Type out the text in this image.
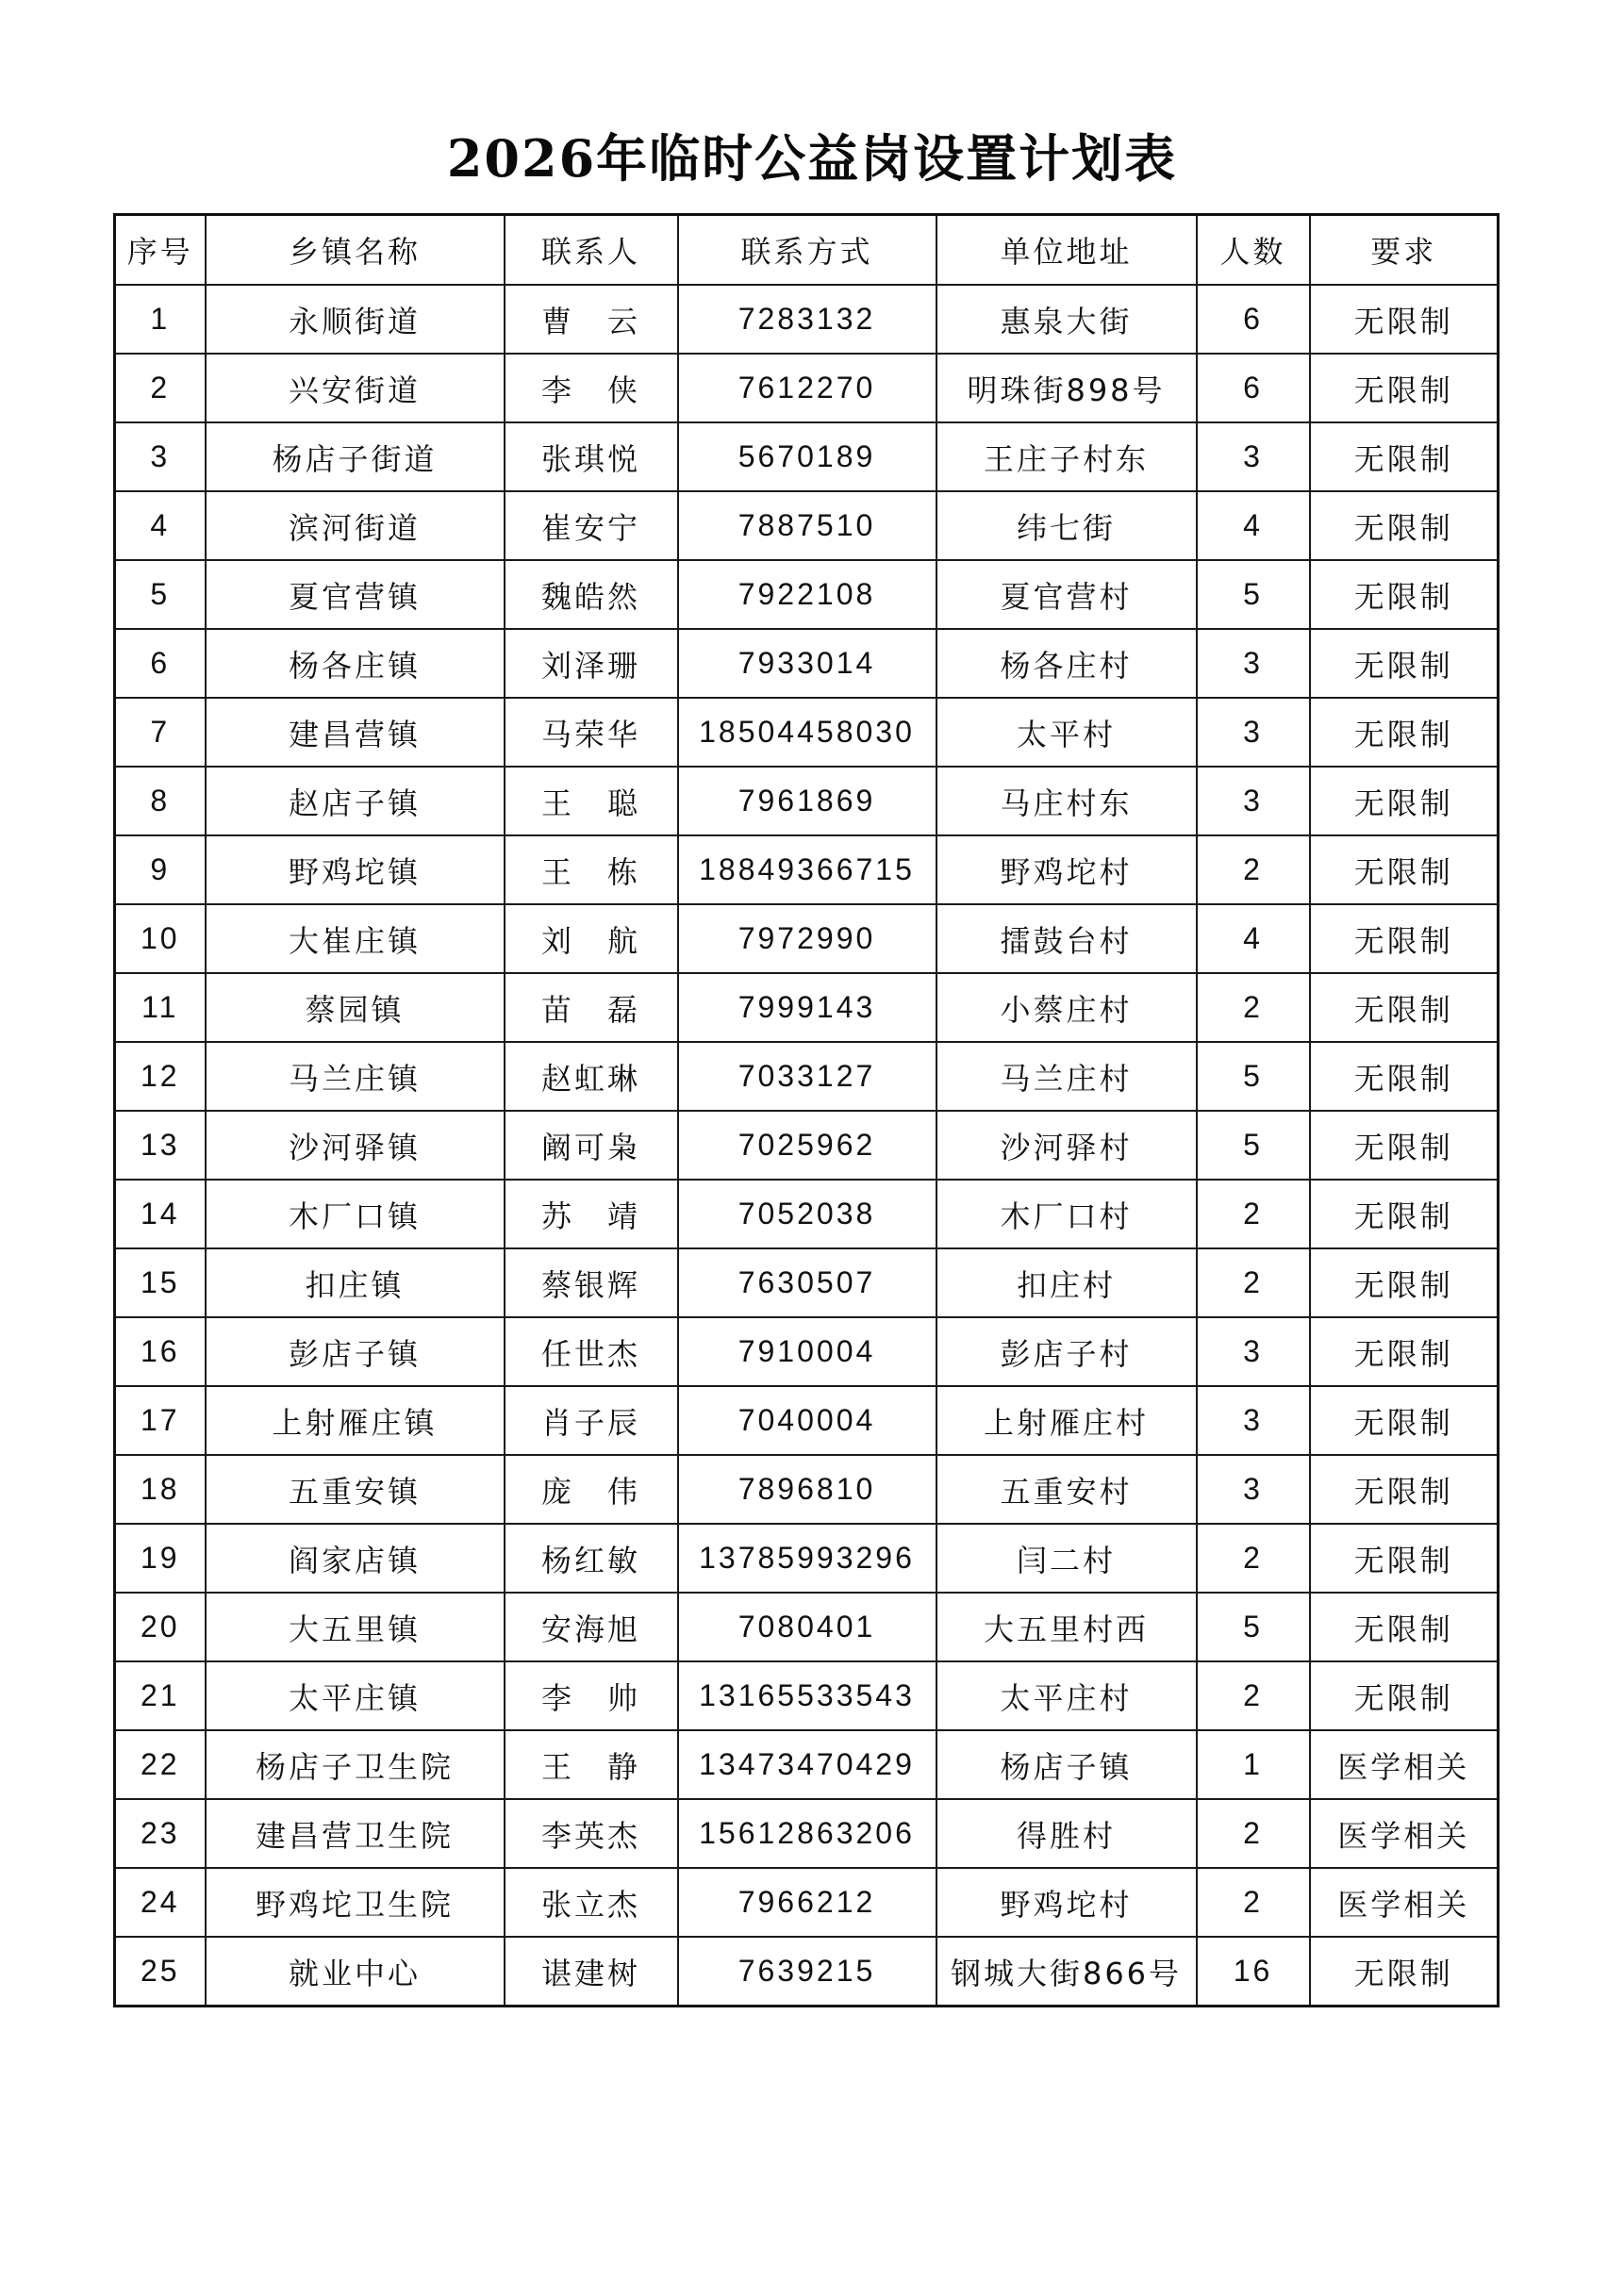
2026年临时公益岗设置计划表
序号	乡镇名称	联系人	联系方式	单位地址	人数	要求
1	永顺街道	曹　云	7283132	惠泉大街	6	无限制
2	兴安街道	李　侠	7612270	明珠街898号	6	无限制
3	杨店子街道	张琪悦	5670189	王庄子村东	3	无限制
4	滨河街道	崔安宁	7887510	纬七街	4	无限制
5	夏官营镇	魏皓然	7922108	夏官营村	5	无限制
6	杨各庄镇	刘泽珊	7933014	杨各庄村	3	无限制
7	建昌营镇	马荣华	18504458030	太平村	3	无限制
8	赵店子镇	王　聪	7961869	马庄村东	3	无限制
9	野鸡坨镇	王　栋	18849366715	野鸡坨村	2	无限制
10	大崔庄镇	刘　航	7972990	擂鼓台村	4	无限制
11	蔡园镇	苗　磊	7999143	小蔡庄村	2	无限制
12	马兰庄镇	赵虹琳	7033127	马兰庄村	5	无限制
13	沙河驿镇	阚可枭	7025962	沙河驿村	5	无限制
14	木厂口镇	苏　靖	7052038	木厂口村	2	无限制
15	扣庄镇	蔡银辉	7630507	扣庄村	2	无限制
16	彭店子镇	任世杰	7910004	彭店子村	3	无限制
17	上射雁庄镇	肖子辰	7040004	上射雁庄村	3	无限制
18	五重安镇	庞　伟	7896810	五重安村	3	无限制
19	阎家店镇	杨红敏	13785993296	闫二村	2	无限制
20	大五里镇	安海旭	7080401	大五里村西	5	无限制
21	太平庄镇	李　帅	13165533543	太平庄村	2	无限制
22	杨店子卫生院	王　静	13473470429	杨店子镇	1	医学相关
23	建昌营卫生院	李英杰	15612863206	得胜村	2	医学相关
24	野鸡坨卫生院	张立杰	7966212	野鸡坨村	2	医学相关
25	就业中心	谌建树	7639215	钢城大街866号	16	无限制
